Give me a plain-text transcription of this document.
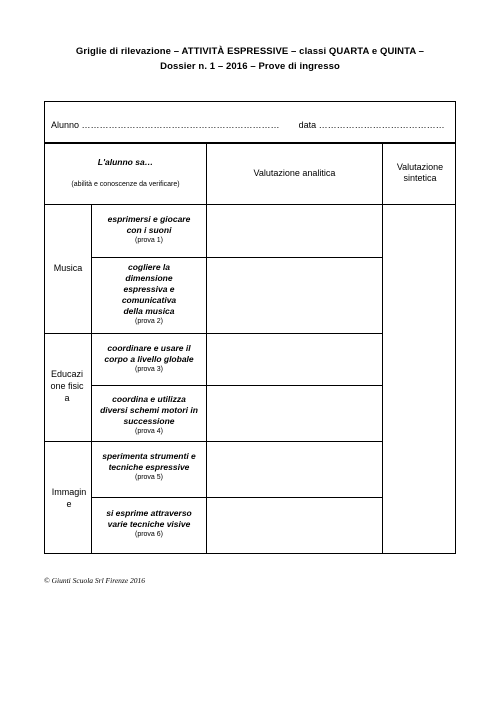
Griglie di rilevazione – ATTIVITÀ ESPRESSIVE – classi QUARTA e QUINTA –
Dossier n. 1 – 2016 – Prove di ingresso
Alunno ………………………………………………………… data ……………………………………
L'alunno sa…
(abilità e conoscenze da verificare)
Valutazione analitica
Valutazione sintetica
Musica
Educazione fisica
Immagine
esprimersi e giocare con i suoni
(prova 1)
cogliere la dimensione espressiva e comunicativa della musica
(prova 2)
coordinare e usare il corpo a livello globale
(prova 3)
coordina e utilizza diversi schemi motori in successione
(prova 4)
sperimenta strumenti e tecniche espressive
(prova 5)
si esprime attraverso varie tecniche visive
(prova 6)
© Giunti Scuola Srl Firenze 2016
